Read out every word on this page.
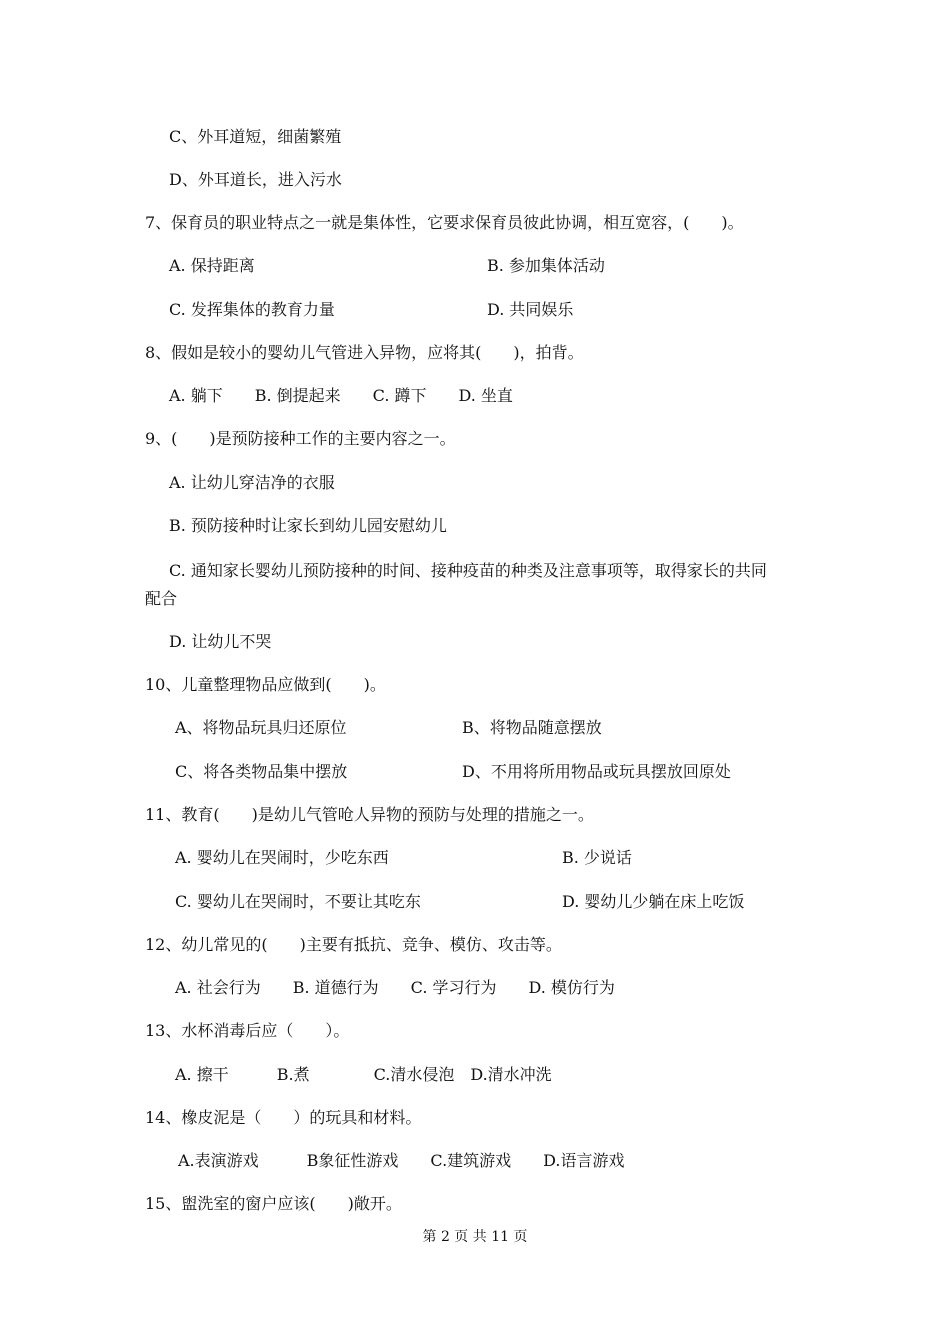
C、外耳道短，细菌繁殖
D、外耳道长，进入污水
7、保育员的职业特点之一就是集体性，它要求保育员彼此协调，相互宽容，(　　)。
A. 保持距离	B. 参加集体活动
C. 发挥集体的教育力量	D. 共同娱乐
8、假如是较小的婴幼儿气管进入异物，应将其(　　)，拍背。
A. 躺下　　B. 倒提起来　　C. 蹲下　　D. 坐直
9、(　　)是预防接种工作的主要内容之一。
A. 让幼儿穿洁净的衣服
B. 预防接种时让家长到幼儿园安慰幼儿
C. 通知家长婴幼儿预防接种的时间、接种疫苗的种类及注意事项等，取得家长的共同
配合
D. 让幼儿不哭
10、儿童整理物品应做到(　　)。
A、将物品玩具归还原位	B、将物品随意摆放
C、将各类物品集中摆放	D、不用将所用物品或玩具摆放回原处
11、教育(　　)是幼儿气管呛人异物的预防与处理的措施之一。
A. 婴幼儿在哭闹时，少吃东西	B. 少说话
C. 婴幼儿在哭闹时，不要让其吃东	D. 婴幼儿少躺在床上吃饭
12、幼儿常见的(　　)主要有抵抗、竞争、模仿、攻击等。
A. 社会行为　　B. 道德行为　　C. 学习行为　　D. 模仿行为
13、水杯消毒后应（　　）。
A. 擦干　　　B.煮　　　　C.清水侵泡　D.清水冲洗
14、橡皮泥是（　　）的玩具和材料。
A.表演游戏　　　B象征性游戏　　C.建筑游戏　　D.语言游戏
15、盥洗室的窗户应该(　　)敞开。
第 2 页 共 11 页
